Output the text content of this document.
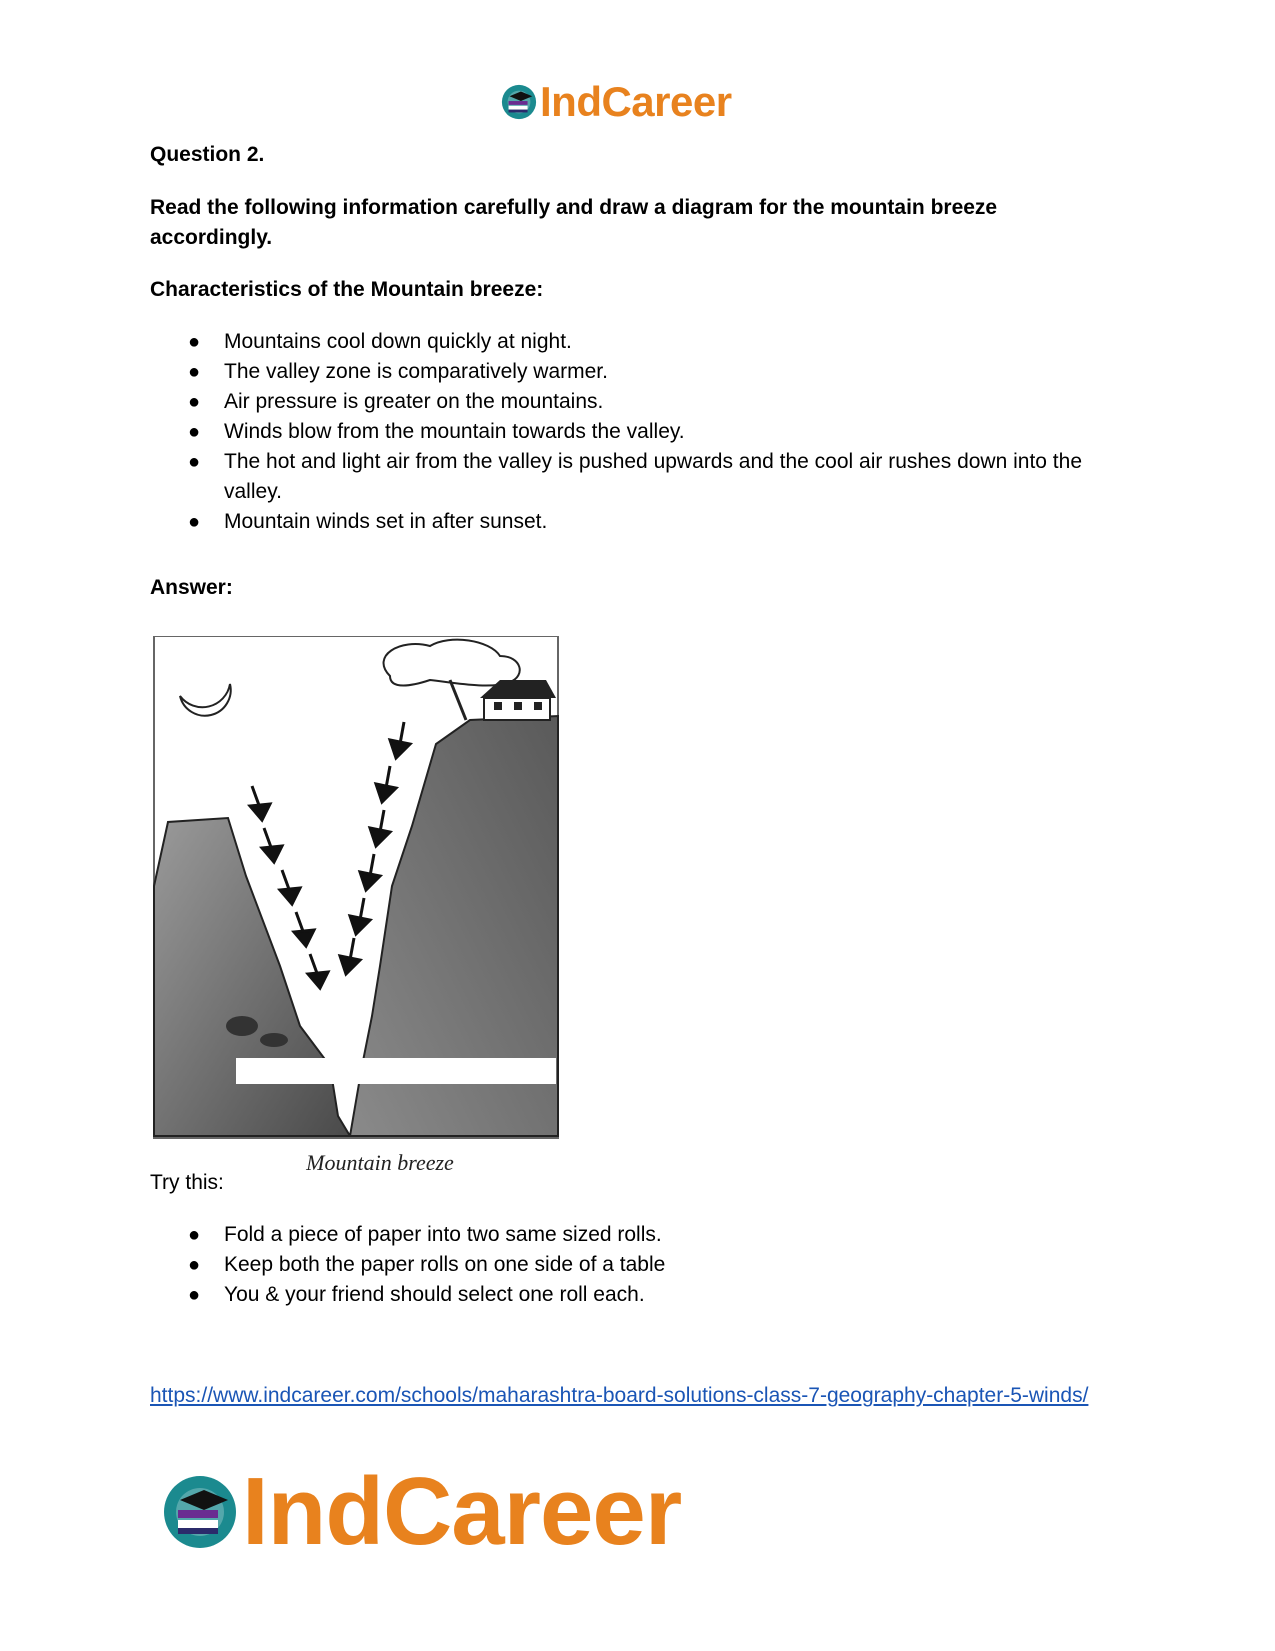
IndCareer
Question 2.
Read the following information carefully and draw a diagram for the mountain breeze accordingly.
Characteristics of the Mountain breeze:
● Mountains cool down quickly at night.
● The valley zone is comparatively warmer.
● Air pressure is greater on the mountains.
● Winds blow from the mountain towards the valley.
● The hot and light air from the valley is pushed upwards and the cool air rushes down into the valley.
● Mountain winds set in after sunset.
Answer:
Mountain breeze
Try this:
● Fold a piece of paper into two same sized rolls.
● Keep both the paper rolls on one side of a table
● You & your friend should select one roll each.
https://www.indcareer.com/schools/maharashtra-board-solutions-class-7-geography-chapter-5-winds/
IndCareer
